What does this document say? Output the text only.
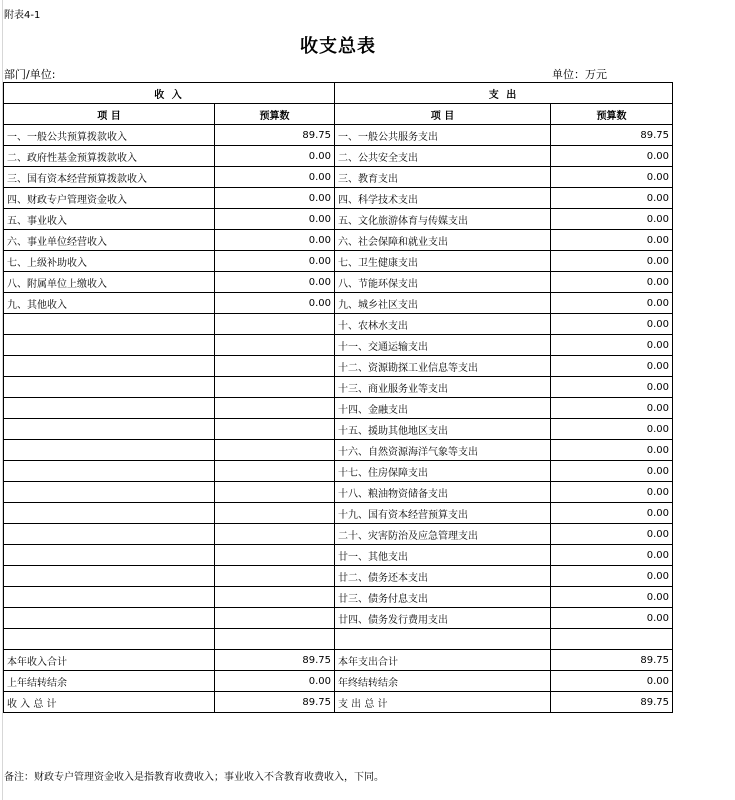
附表4-1
收支总表
部门/单位:	单位：万元
收 入		支 出	
项 目	预算数	项 目	预算数
一、一般公共预算拨款收入	89.75	一、一般公共服务支出	89.75
二、政府性基金预算拨款收入	0.00	二、公共安全支出	0.00
三、国有资本经营预算拨款收入	0.00	三、教育支出	0.00
四、财政专户管理资金收入	0.00	四、科学技术支出	0.00
五、事业收入	0.00	五、文化旅游体育与传媒支出	0.00
六、事业单位经营收入	0.00	六、社会保障和就业支出	0.00
七、上级补助收入	0.00	七、卫生健康支出	0.00
八、附属单位上缴收入	0.00	八、节能环保支出	0.00
九、其他收入	0.00	九、城乡社区支出	0.00
		十、农林水支出	0.00
		十一、交通运输支出	0.00
		十二、资源勘探工业信息等支出	0.00
		十三、商业服务业等支出	0.00
		十四、金融支出	0.00
		十五、援助其他地区支出	0.00
		十六、自然资源海洋气象等支出	0.00
		十七、住房保障支出	0.00
		十八、粮油物资储备支出	0.00
		十九、国有资本经营预算支出	0.00
		二十、灾害防治及应急管理支出	0.00
		廿一、其他支出	0.00
		廿二、债务还本支出	0.00
		廿三、债务付息支出	0.00
		廿四、债务发行费用支出	0.00

本年收入合计	89.75	本年支出合计	89.75
上年结转结余	0.00	年终结转结余	0.00
收 入 总 计	89.75	支 出 总 计	89.75
备注：财政专户管理资金收入是指教育收费收入；事业收入不含教育收费收入，下同。
